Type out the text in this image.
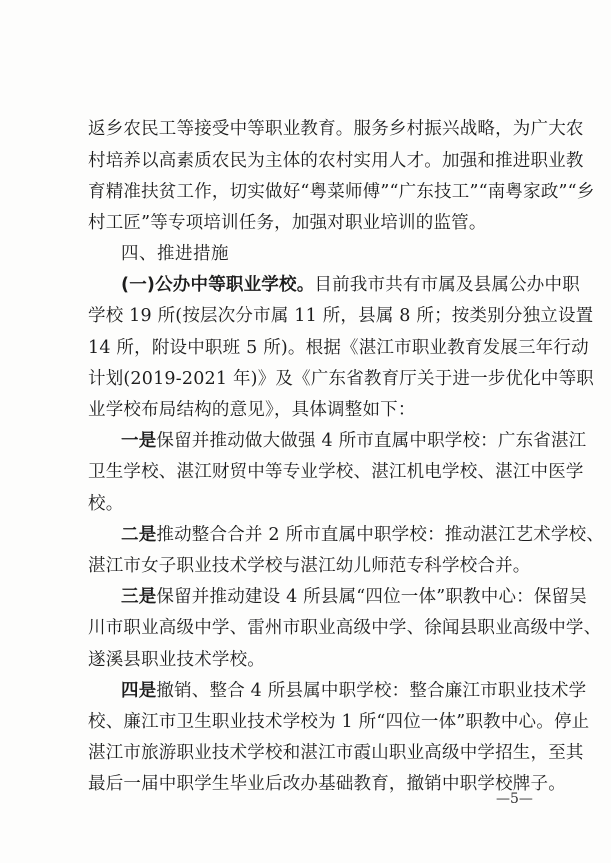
返乡农民工等接受中等职业教育。服务乡村振兴战略，为广大农
村培养以高素质农民为主体的农村实用人才。加强和推进职业教
育精准扶贫工作，切实做好“粤菜师傅”“广东技工”“南粤家政”“乡
村工匠”等专项培训任务，加强对职业培训的监管。
四、推进措施
(一)公办中等职业学校。目前我市共有市属及县属公办中职
学校 19 所(按层次分市属 11 所，县属 8 所；按类别分独立设置
14 所，附设中职班 5 所)。根据《湛江市职业教育发展三年行动
计划(2019-2021 年)》及《广东省教育厅关于进一步优化中等职
业学校布局结构的意见》，具体调整如下：
一是保留并推动做大做强 4 所市直属中职学校：广东省湛江
卫生学校、湛江财贸中等专业学校、湛江机电学校、湛江中医学
校。
二是推动整合合并 2 所市直属中职学校：推动湛江艺术学校、
湛江市女子职业技术学校与湛江幼儿师范专科学校合并。
三是保留并推动建设 4 所县属“四位一体”职教中心：保留吴
川市职业高级中学、雷州市职业高级中学、徐闻县职业高级中学、
遂溪县职业技术学校。
四是撤销、整合 4 所县属中职学校：整合廉江市职业技术学
校、廉江市卫生职业技术学校为 1 所“四位一体”职教中心。停止
湛江市旅游职业技术学校和湛江市霞山职业高级中学招生，至其
最后一届中职学生毕业后改办基础教育，撤销中职学校牌子。
—5—
